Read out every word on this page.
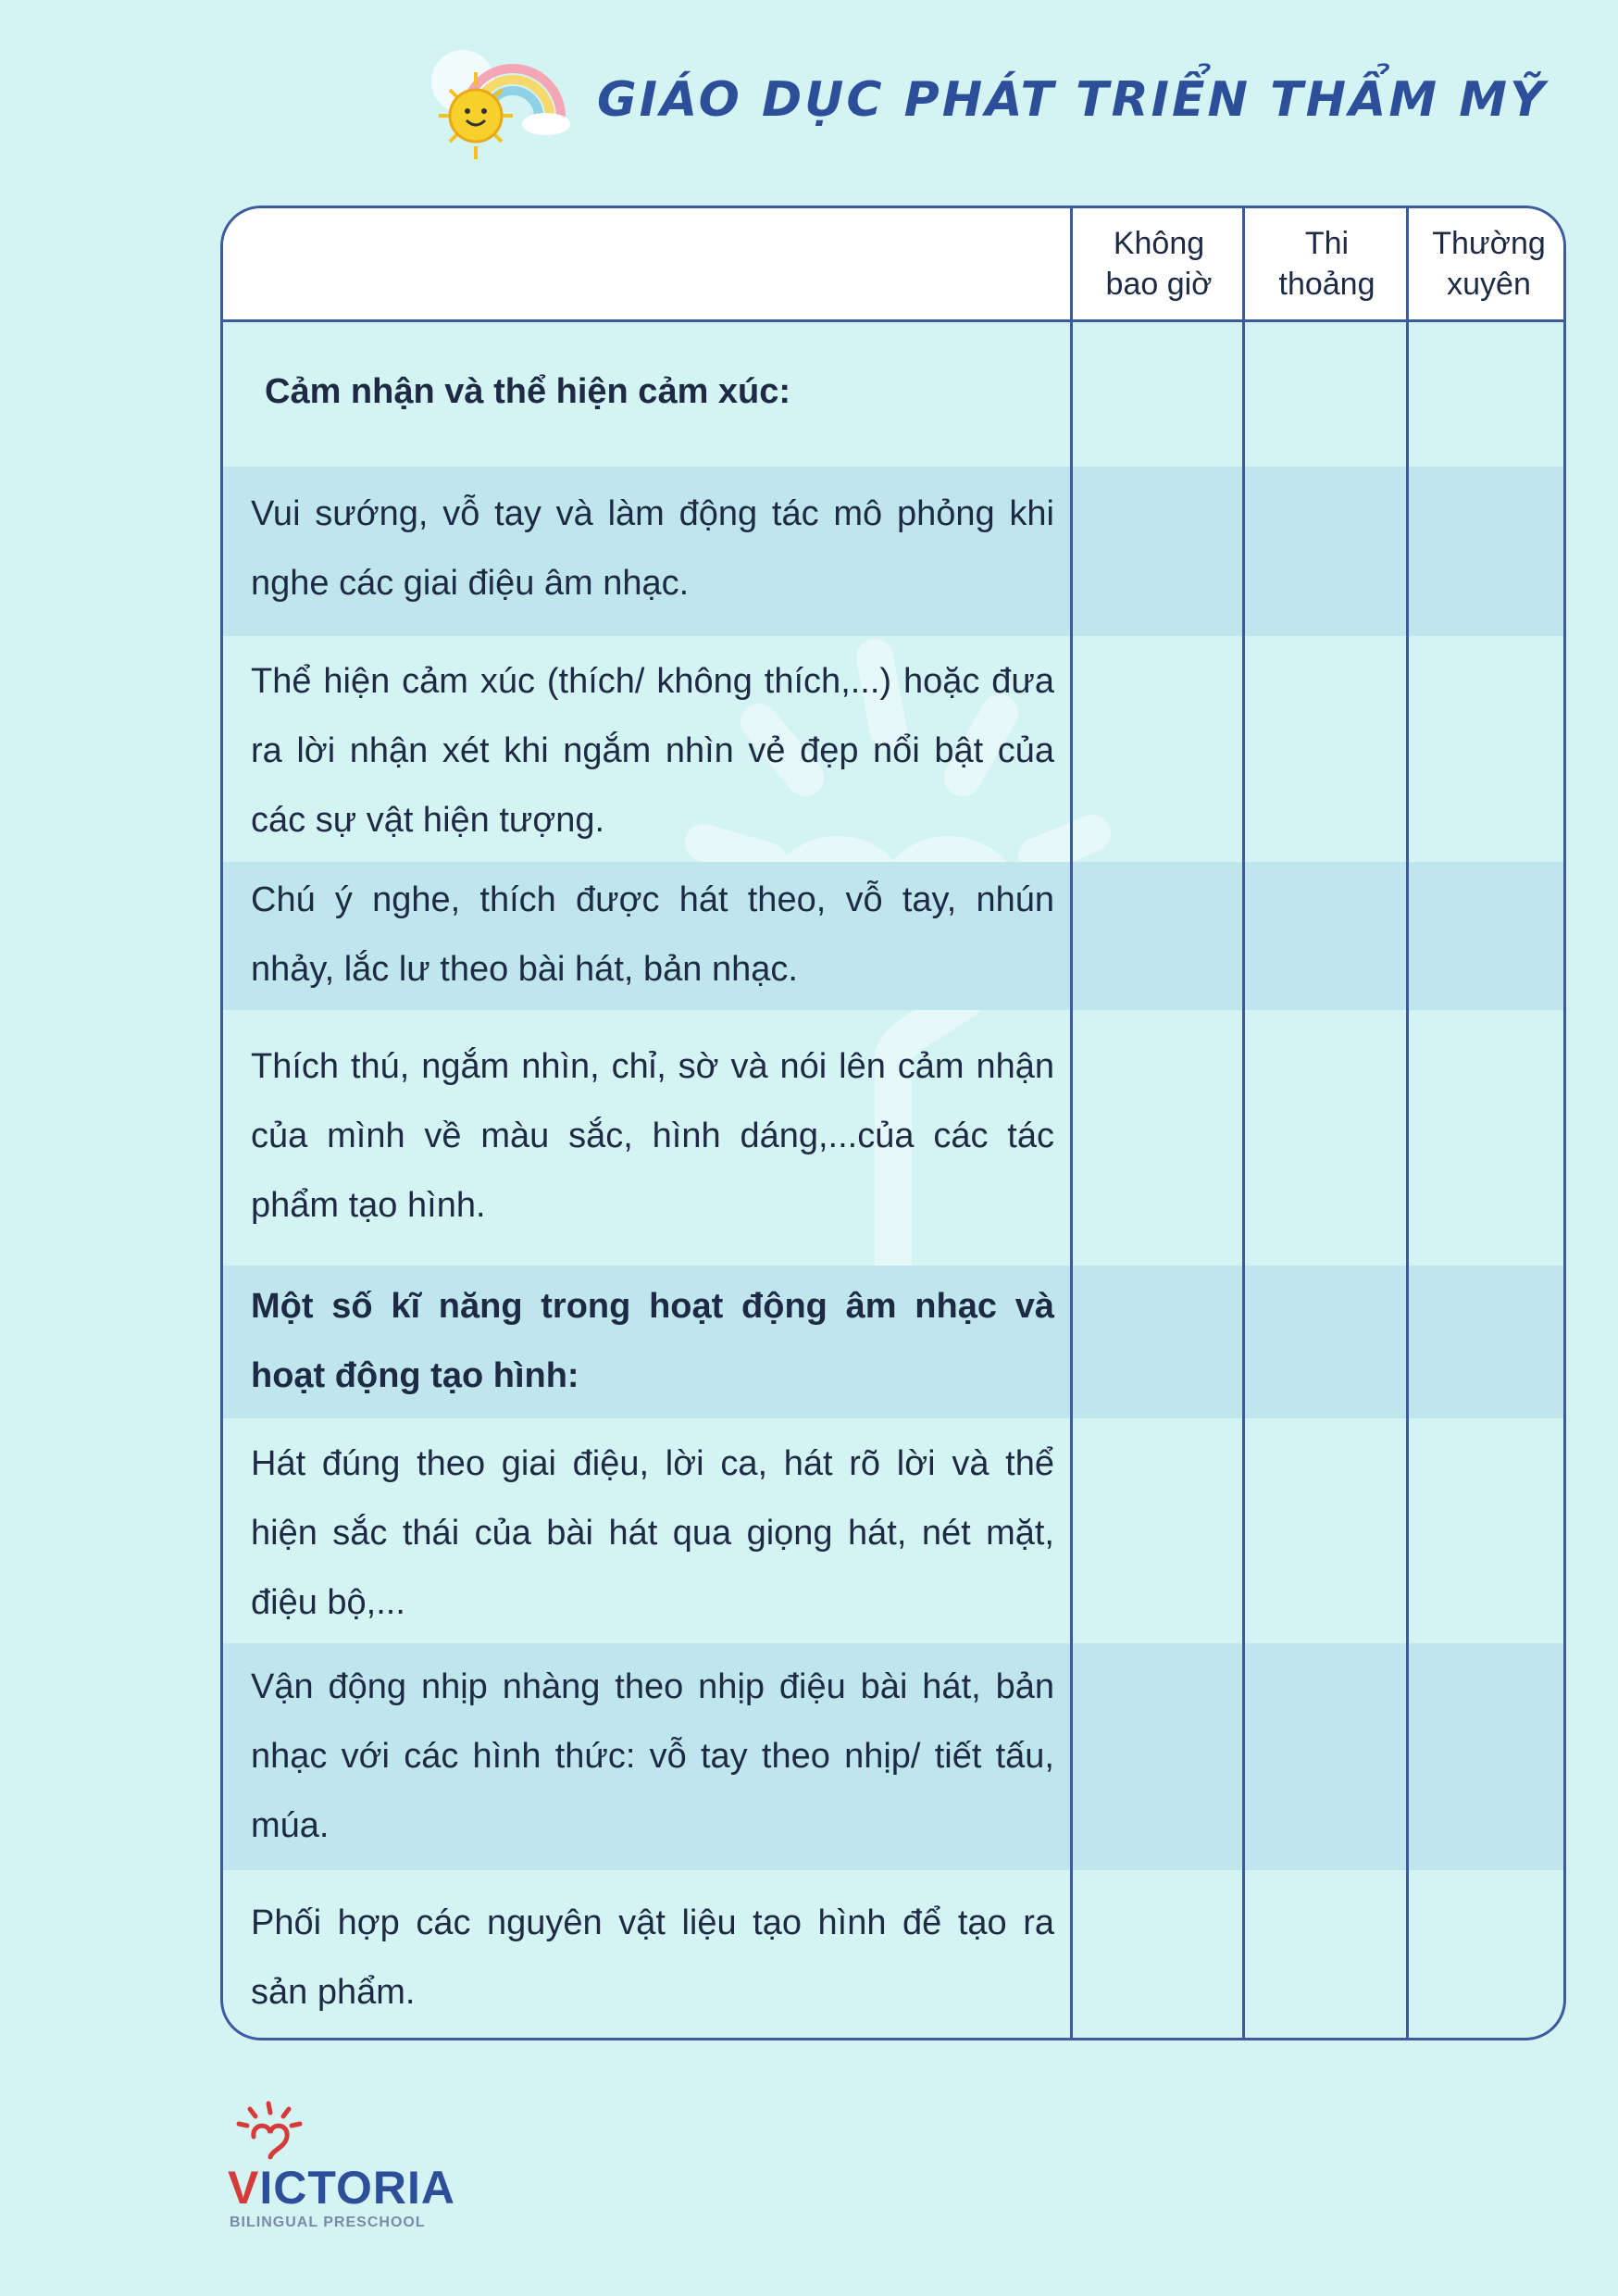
GIÁO DỤC PHÁT TRIỂN THẨM MỸ
Không
bao giờ
Thi
thoảng
Thường
xuyên
Cảm nhận và thể hiện cảm xúc:
Vui sướng, vỗ tay và làm động tác mô phỏng khi nghe các giai điệu âm nhạc.
Thể hiện cảm xúc (thích/ không thích,...) hoặc đưa ra lời nhận xét khi ngắm nhìn vẻ đẹp nổi bật của các sự vật hiện tượng.
Chú ý nghe, thích được hát theo, vỗ tay, nhún nhảy, lắc lư theo bài hát, bản nhạc.
Thích thú, ngắm nhìn, chỉ, sờ và nói lên cảm nhận của mình về màu sắc, hình dáng,...của các tác phẩm tạo hình.
Một số kĩ năng trong hoạt động âm nhạc và hoạt động tạo hình:
Hát đúng theo giai điệu, lời ca, hát rõ lời và thể hiện sắc thái của bài hát qua giọng hát, nét mặt, điệu bộ,...
Vận động nhịp nhàng theo nhịp điệu bài hát, bản nhạc với các hình thức: vỗ tay theo nhịp/ tiết tấu, múa.
Phối hợp các nguyên vật liệu tạo hình để tạo ra sản phẩm.
VICTORIA
BILINGUAL PRESCHOOL
